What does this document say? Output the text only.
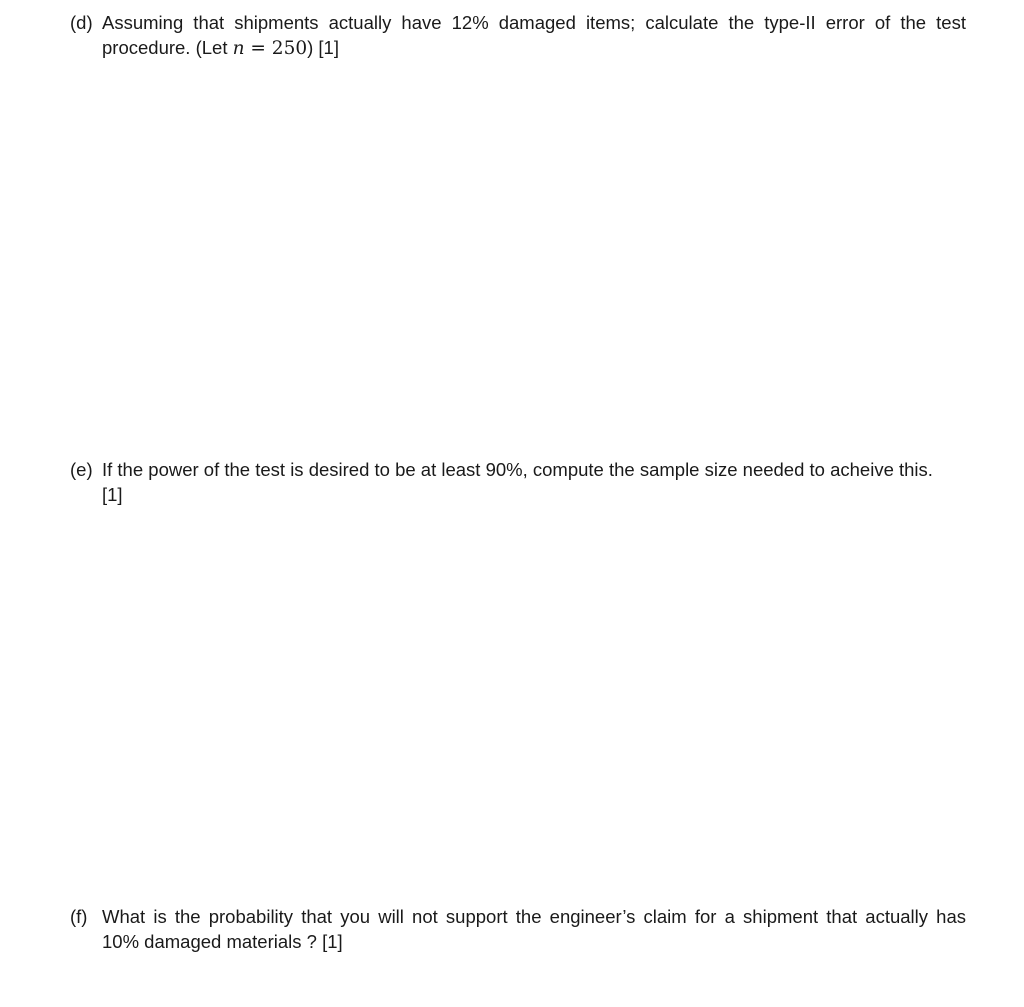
(d) Assuming that shipments actually have 12% damaged items; calculate the type-II error of the test
procedure. (Let n = 250) [1]
(e) If the power of the test is desired to be at least 90%, compute the sample size needed to acheive this.
[1]
(f) What is the probability that you will not support the engineer’s claim for a shipment that actually has
10% damaged materials ? [1]
